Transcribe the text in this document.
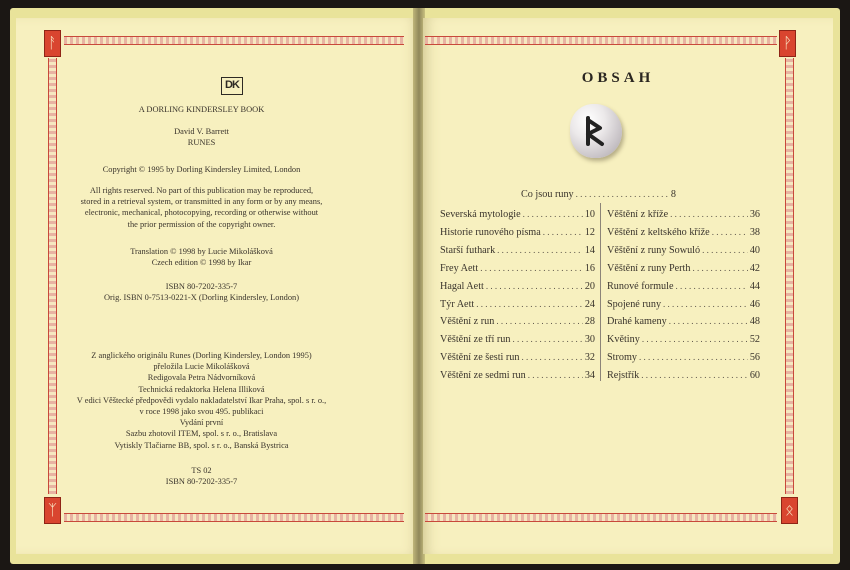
ᚨ
ᛉ
ᚹ
ᛟ
DK
A DORLING KINDERSLEY BOOK
David V. Barrett
RUNES
Copyright © 1995 by Dorling Kindersley Limited, London
All rights reserved. No part of this publication may be reproduced,
stored in a retrieval system, or transmitted in any form or by any means,
electronic, mechanical, photocopying, recording or otherwise without
the prior permission of the copyright owner.
Translation © 1998 by Lucie Mikolášková
Czech edition © 1998 by Ikar
ISBN 80-7202-335-7
Orig. ISBN 0-7513-0221-X (Dorling Kindersley, London)
Z anglického originálu Runes (Dorling Kindersley, London 1995)
přeložila Lucie Mikolášková
Redigovala Petra Nádvorníková
Technická redaktorka Helena Illiková
V edici Věštecké předpovědi vydalo nakladatelství Ikar Praha, spol. s r. o.,
v roce 1998 jako svou 495. publikaci
Vydání první
Sazbu zhotovil ITEM, spol. s r. o., Bratislava
Vytiskly Tlačiarne BB, spol. s r. o., Banská Bystrica
TS 02
ISBN 80-7202-335-7
OBSAH
Co jsou runy . . .	8
Severská mytologie . . .	10
Historie runového písma . . .	12
Starší futhark . . .	14
Frey Aett . . .	16
Hagal Aett . . .	20
Týr Aett . . .	24
Věštění z run . . .	28
Věštění ze tří run . . .	30
Věštění ze šesti run . . .	32
Věštění ze sedmi run . . .	34
Věštění z kříže . . .	36
Věštění z keltského kříže . . .	38
Věštění z runy Sowuló . . .	40
Věštění z runy Perth . . .	42
Runové formule . . .	44
Spojené runy . . .	46
Drahé kameny . . .	48
Květiny . . .	52
Stromy . . .	56
Rejstřík . . .	60
